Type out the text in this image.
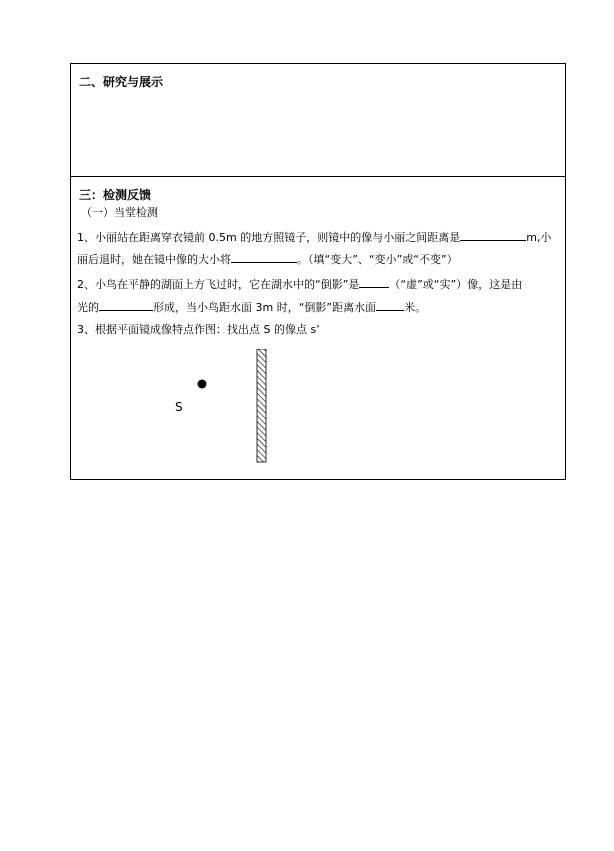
二、研究与展示
三：检测反馈
（一）当堂检测
1、小丽站在距离穿衣镜前 0.5m 的地方照镜子，则镜中的像与小丽之间距离是	m,小
丽后退时，她在镜中像的大小将	。（填“变大”、“变小”或“不变”）
2、小鸟在平静的湖面上方飞过时，它在湖水中的“倒影”是	（“虚”或“实”）像，这是由
光的	形成，当小鸟距水面 3m 时，“倒影”距离水面	米。
3、根据平面镜成像特点作图：找出点 S 的像点 s’
S
